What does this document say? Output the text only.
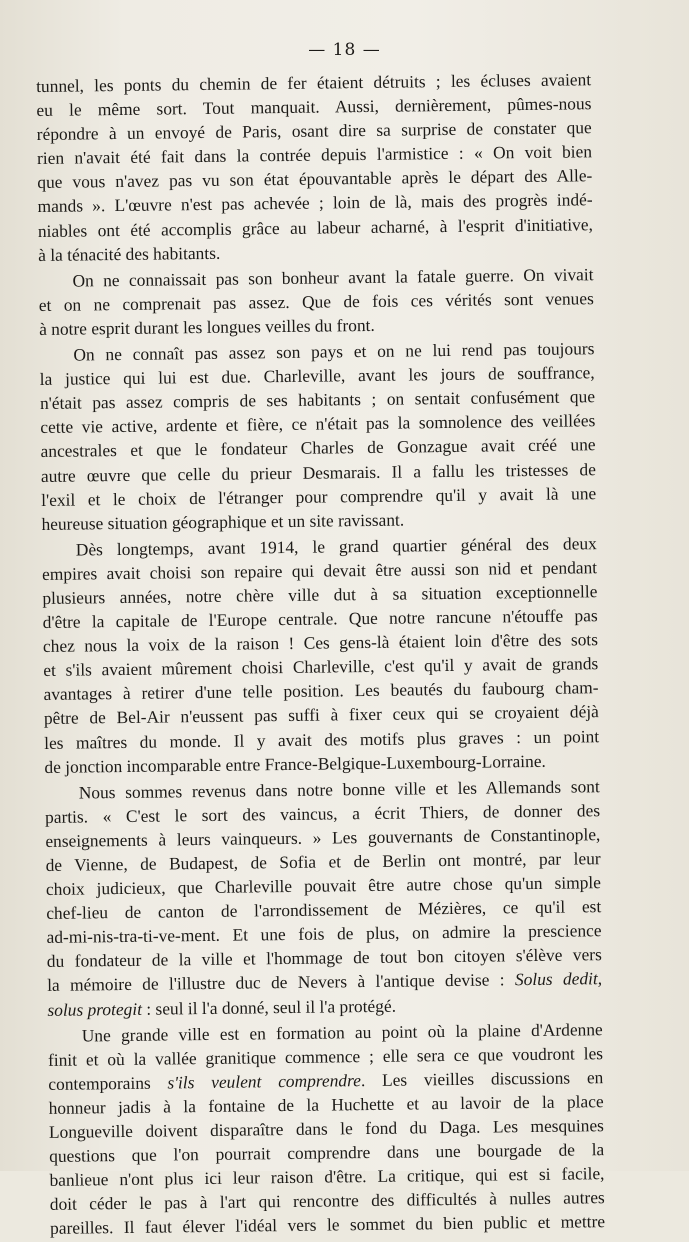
— 18 —
tunnel, les ponts du chemin de fer étaient détruits ; les écluses avaient
eu le même sort. Tout manquait. Aussi, dernièrement, pûmes-nous
répondre à un envoyé de Paris, osant dire sa surprise de constater que
rien n'avait été fait dans la contrée depuis l'armistice : « On voit bien
que vous n'avez pas vu son état épouvantable après le départ des Alle-
mands ». L'œuvre n'est pas achevée ; loin de là, mais des progrès indé-
niables ont été accomplis grâce au labeur acharné, à l'esprit d'initiative,
à la ténacité des habitants.
On ne connaissait pas son bonheur avant la fatale guerre. On vivait
et on ne comprenait pas assez. Que de fois ces vérités sont venues
à notre esprit durant les longues veilles du front.
On ne connaît pas assez son pays et on ne lui rend pas toujours
la justice qui lui est due. Charleville, avant les jours de souffrance,
n'était pas assez compris de ses habitants ; on sentait confusément que
cette vie active, ardente et fière, ce n'était pas la somnolence des veillées
ancestrales et que le fondateur Charles de Gonzague avait créé une
autre œuvre que celle du prieur Desmarais. Il a fallu les tristesses de
l'exil et le choix de l'étranger pour comprendre qu'il y avait là une
heureuse situation géographique et un site ravissant.
Dès longtemps, avant 1914, le grand quartier général des deux
empires avait choisi son repaire qui devait être aussi son nid et pendant
plusieurs années, notre chère ville dut à sa situation exceptionnelle
d'être la capitale de l'Europe centrale. Que notre rancune n'étouffe pas
chez nous la voix de la raison ! Ces gens-là étaient loin d'être des sots
et s'ils avaient mûrement choisi Charleville, c'est qu'il y avait de grands
avantages à retirer d'une telle position. Les beautés du faubourg cham-
pêtre de Bel-Air n'eussent pas suffi à fixer ceux qui se croyaient déjà
les maîtres du monde. Il y avait des motifs plus graves : un point
de jonction incomparable entre France-Belgique-Luxembourg-Lorraine.
Nous sommes revenus dans notre bonne ville et les Allemands sont
partis. « C'est le sort des vaincus, a écrit Thiers, de donner des
enseignements à leurs vainqueurs. » Les gouvernants de Constantinople,
de Vienne, de Budapest, de Sofia et de Berlin ont montré, par leur
choix judicieux, que Charleville pouvait être autre chose qu'un simple
chef-lieu de canton de l'arrondissement de Mézières, ce qu'il est
ad-mi-nis-tra-ti-ve-ment. Et une fois de plus, on admire la prescience
du fondateur de la ville et l'hommage de tout bon citoyen s'élève vers
la mémoire de l'illustre duc de Nevers à l'antique devise : Solus dedit,
solus protegit : seul il l'a donné, seul il l'a protégé.
Une grande ville est en formation au point où la plaine d'Ardenne
finit et où la vallée granitique commence ; elle sera ce que voudront les
contemporains s'ils veulent comprendre. Les vieilles discussions en
honneur jadis à la fontaine de la Huchette et au lavoir de la place
Longueville doivent disparaître dans le fond du Daga. Les mesquines
questions que l'on pourrait comprendre dans une bourgade de la
banlieue n'ont plus ici leur raison d'être. La critique, qui est si facile,
doit céder le pas à l'art qui rencontre des difficultés à nulles autres
pareilles. Il faut élever l'idéal vers le sommet du bien public et mettre
